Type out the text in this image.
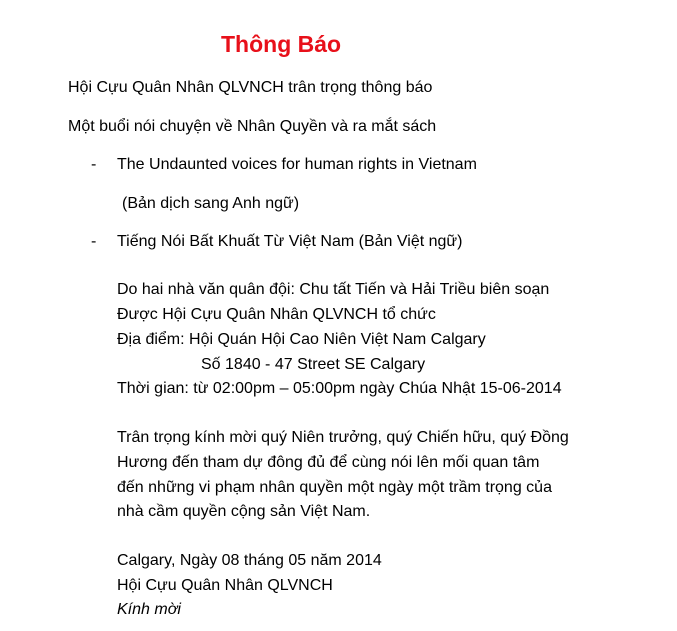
Thông Báo
Hội Cựu Quân Nhân QLVNCH trân trọng thông báo
Một buổi nói chuyện về Nhân Quyền và ra mắt sách
- The Undaunted voices for human rights in Vietnam
(Bản dịch sang Anh ngữ)
- Tiếng Nói Bất Khuất Từ Việt Nam (Bản Việt ngữ)
Do hai nhà văn quân đội: Chu tất Tiến và Hải Triều biên soạn
Được Hội Cựu Quân Nhân QLVNCH tổ chức
Địa điểm: Hội Quán Hội Cao Niên Việt Nam Calgary
Số 1840 - 47 Street SE Calgary
Thời gian: từ 02:00pm – 05:00pm ngày Chúa Nhật 15-06-2014
Trân trọng kính mời quý Niên trưởng, quý Chiến hữu, quý Đồng
Hương đến tham dự đông đủ để cùng nói lên mối quan tâm
đến những vi phạm nhân quyền một ngày một trầm trọng của
nhà cầm quyền cộng sản Việt Nam.
Calgary, Ngày 08 tháng 05 năm 2014
Hội Cựu Quân Nhân QLVNCH
Kính mời
